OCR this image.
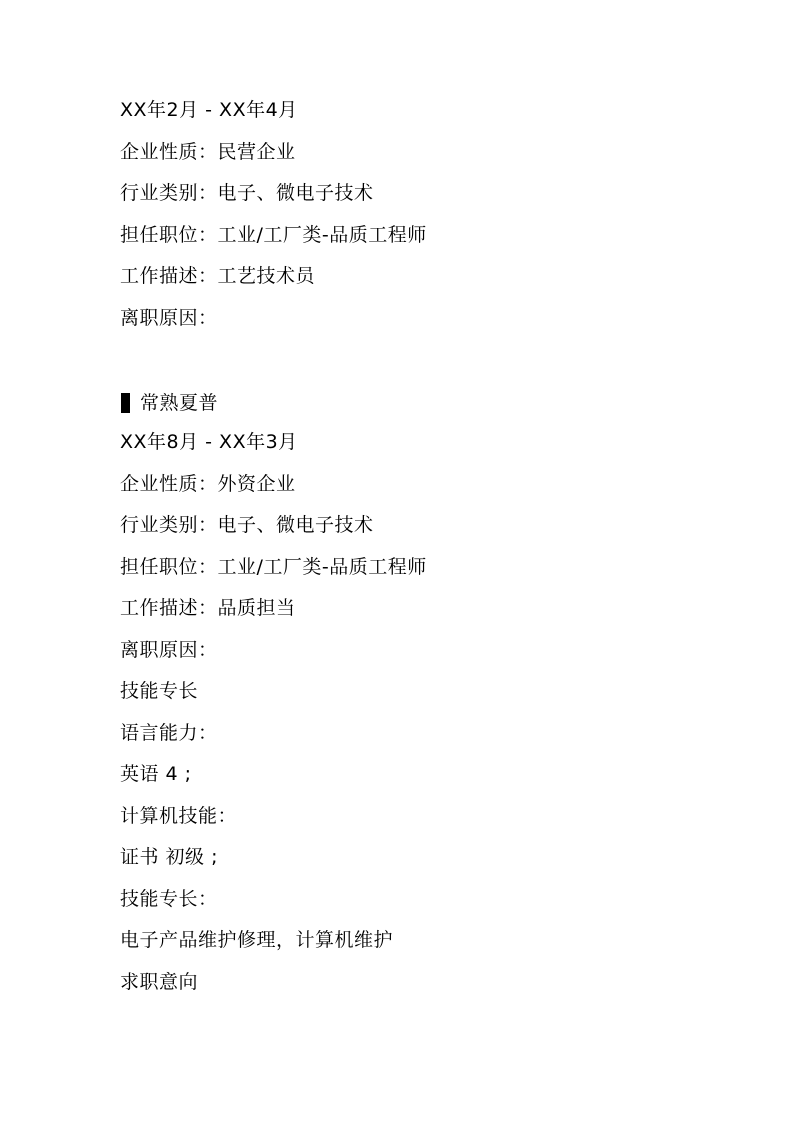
XX年2月 - XX年4月
企业性质：民营企业
行业类别：电子、微电子技术
担任职位：工业/工厂类-品质工程师
工作描述：工艺技术员
离职原因：
常熟夏普
XX年8月 - XX年3月
企业性质：外资企业
行业类别：电子、微电子技术
担任职位：工业/工厂类-品质工程师
工作描述：品质担当
离职原因：
技能专长
语言能力：
英语 4 ;
计算机技能：
证书 初级 ;
技能专长：
电子产品维护修理，计算机维护
求职意向
